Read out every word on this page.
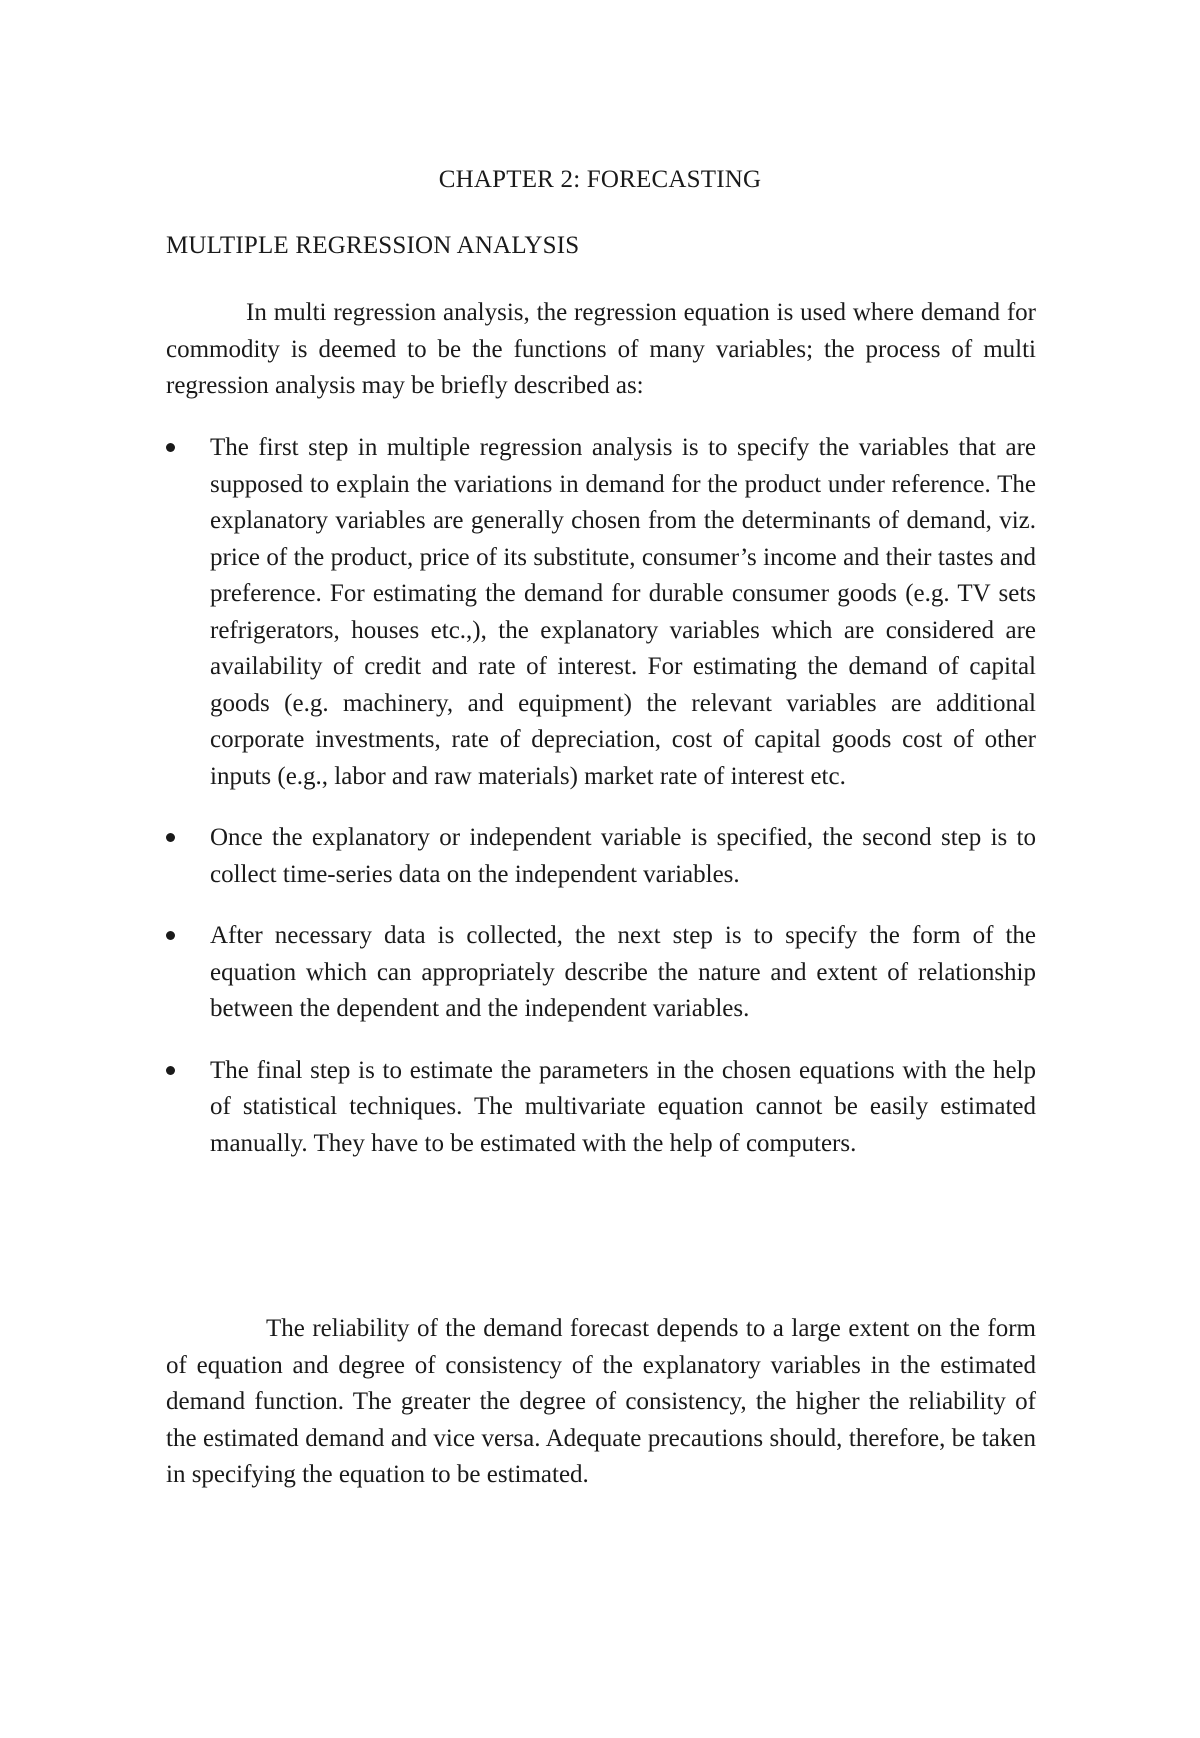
CHAPTER 2: FORECASTING
MULTIPLE REGRESSION ANALYSIS

In multi regression analysis, the regression equation is used where demand for commodity is deemed to be the functions of many variables; the process of multi regression analysis may be briefly described as:

The first step in multiple regression analysis is to specify the variables that are supposed to explain the variations in demand for the product under reference. The explanatory variables are generally chosen from the determinants of demand, viz. price of the product, price of its substitute, consumer’s income and their tastes and preference. For estimating the demand for durable consumer goods (e.g. TV sets refrigerators, houses etc.,), the explanatory variables which are considered are availability of credit and rate of interest. For estimating the demand of capital goods (e.g. machinery, and equipment) the relevant variables are additional corporate investments, rate of depreciation, cost of capital goods cost of other inputs (e.g., labor and raw materials) market rate of interest etc.
Once the explanatory or independent variable is specified, the second step is to collect time-series data on the independent variables.
After necessary data is collected, the next step is to specify the form of the equation which can appropriately describe the nature and extent of relationship between the dependent and the independent variables.
The final step is to estimate the parameters in the chosen equations with the help of statistical techniques. The multivariate equation cannot be easily estimated manually. They have to be estimated with the help of computers.

The reliability of the demand forecast depends to a large extent on the form of equation and degree of consistency of the explanatory variables in the estimated demand function. The greater the degree of consistency, the higher the reliability of the estimated demand and vice versa. Adequate precautions should, therefore, be taken in specifying the equation to be estimated.
